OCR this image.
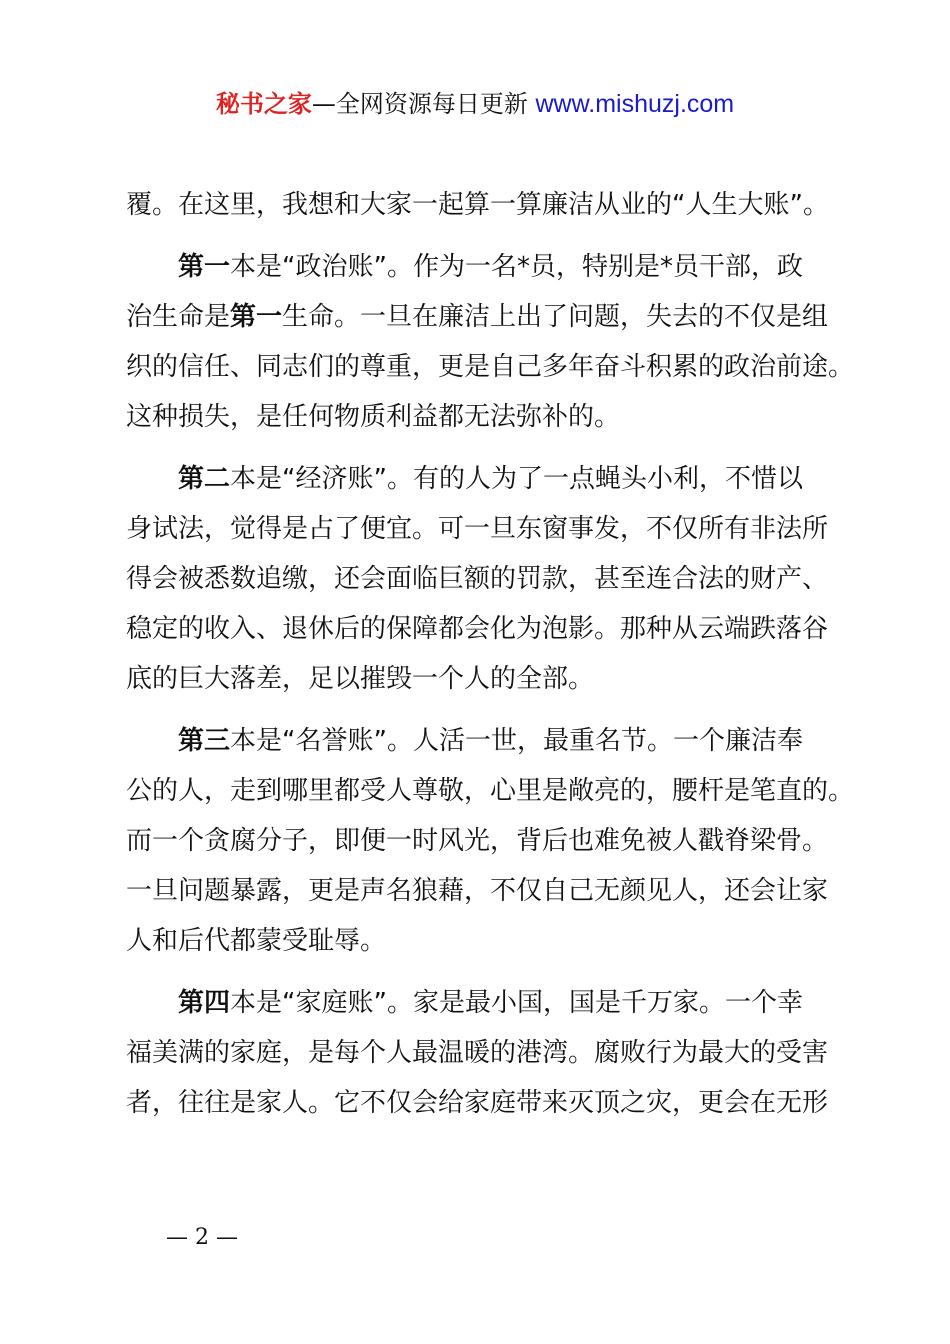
秘书之家—全网资源每日更新 www.mishuzj.com
覆。在这里，我想和大家一起算一算廉洁从业的“人生大账”。
第一本是“政治账”。作为一名*员，特别是*员干部，政
治生命是第一生命。一旦在廉洁上出了问题，失去的不仅是组
织的信任、同志们的尊重，更是自己多年奋斗积累的政治前途。
这种损失，是任何物质利益都无法弥补的。
第二本是“经济账”。有的人为了一点蝇头小利，不惜以
身试法，觉得是占了便宜。可一旦东窗事发，不仅所有非法所
得会被悉数追缴，还会面临巨额的罚款，甚至连合法的财产、
稳定的收入、退休后的保障都会化为泡影。那种从云端跌落谷
底的巨大落差，足以摧毁一个人的全部。
第三本是“名誉账”。人活一世，最重名节。一个廉洁奉
公的人，走到哪里都受人尊敬，心里是敞亮的，腰杆是笔直的。
而一个贪腐分子，即便一时风光，背后也难免被人戳脊梁骨。
一旦问题暴露，更是声名狼藉，不仅自己无颜见人，还会让家
人和后代都蒙受耻辱。
第四本是“家庭账”。家是最小国，国是千万家。一个幸
福美满的家庭，是每个人最温暖的港湾。腐败行为最大的受害
者，往往是家人。它不仅会给家庭带来灭顶之灾，更会在无形
— 2 —
